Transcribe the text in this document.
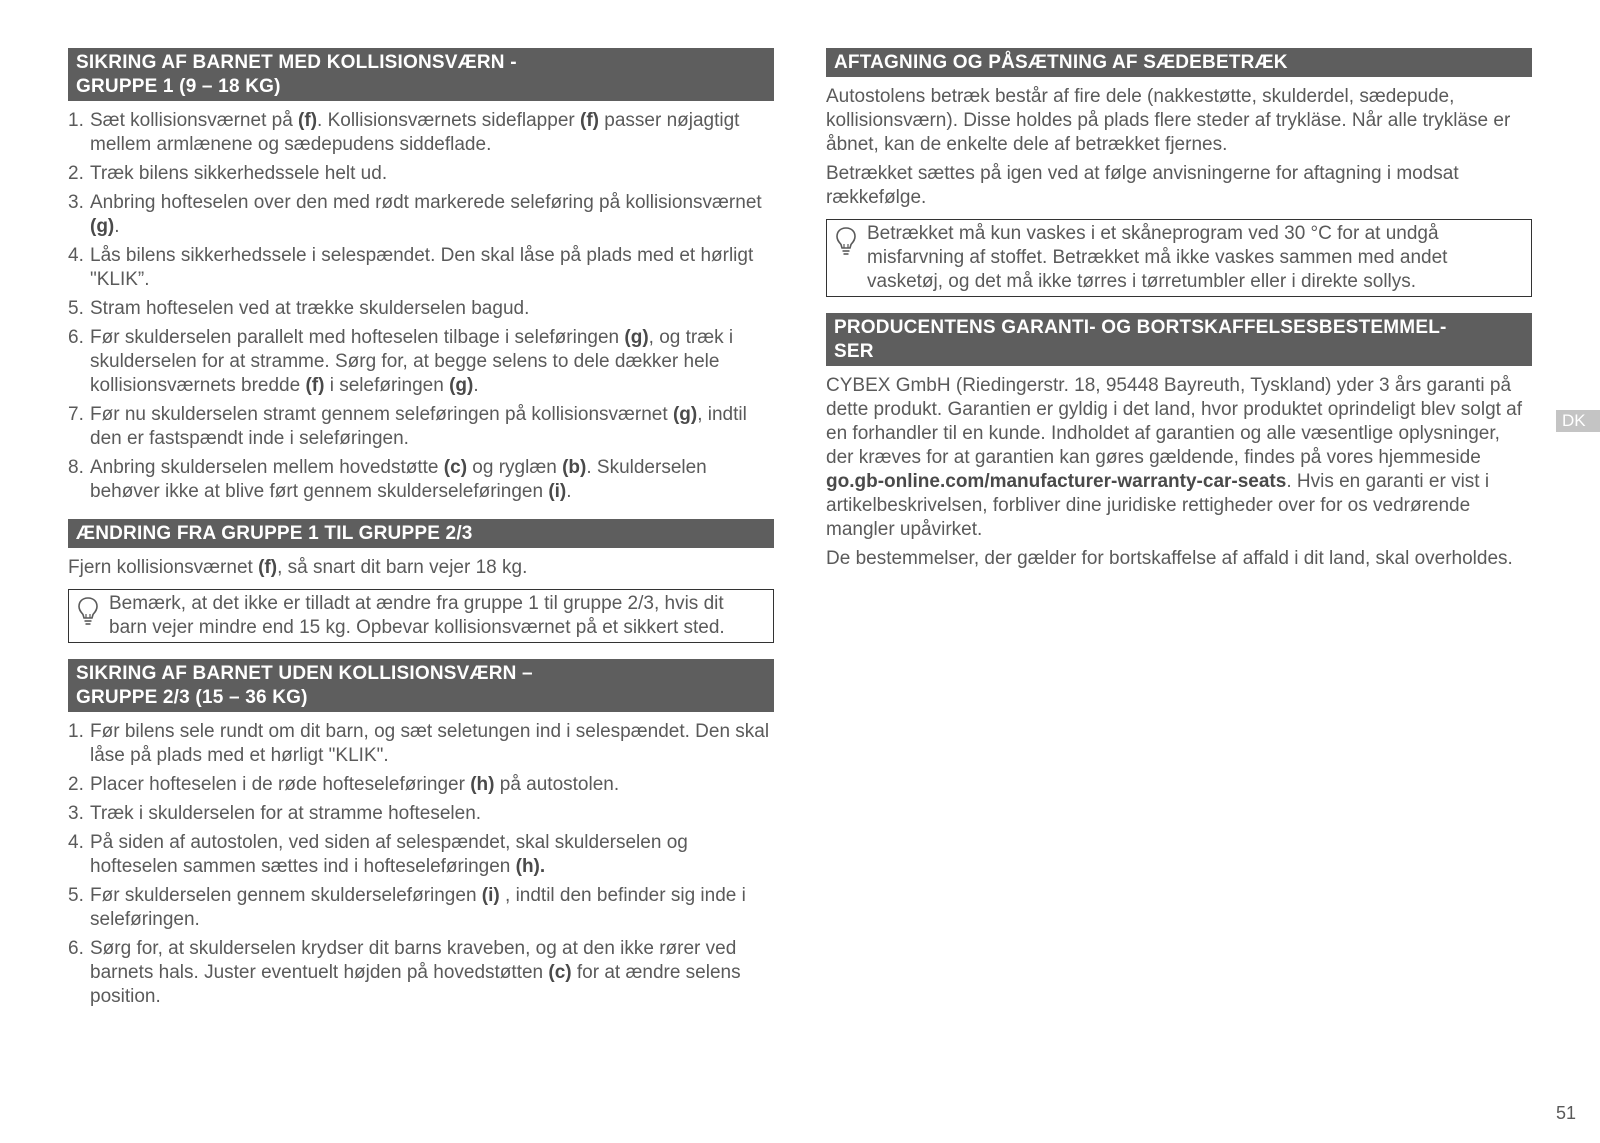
SIKRING AF BARNET MED KOLLISIONSVÆRN -
GRUPPE 1 (9 – 18 KG)
1. Sæt kollisionsværnet på (f). Kollisionsværnets sideflapper (f) passer nøjagtigt mellem armlænene og sædepudens siddeflade.
2. Træk bilens sikkerhedssele helt ud.
3. Anbring hofteselen over den med rødt markerede seleføring på kollisionsværnet (g).
4. Lås bilens sikkerhedssele i selespændet. Den skal låse på plads med et hørligt "KLIK”.
5. Stram hofteselen ved at trække skulderselen bagud.
6. Før skulderselen parallelt med hofteselen tilbage i seleføringen (g), og træk i skulderselen for at stramme. Sørg for, at begge selens to dele dækker hele kollisionsværnets bredde (f) i seleføringen (g).
7. Før nu skulderselen stramt gennem seleføringen på kollisionsværnet (g), indtil den er fastspændt inde i seleføringen.
8. Anbring skulderselen mellem hovedstøtte (c) og ryglæn (b). Skulderselen behøver ikke at blive ført gennem skulderseleføringen (i).
ÆNDRING FRA GRUPPE 1 TIL GRUPPE 2/3

Fjern kollisionsværnet (f), så snart dit barn vejer 18 kg.

Bemærk, at det ikke er tilladt at ændre fra gruppe 1 til gruppe 2/3, hvis dit barn vejer mindre end 15 kg. Opbevar kollisionsværnet på et sikkert sted.
SIKRING AF BARNET UDEN KOLLISIONSVÆRN –
GRUPPE 2/3 (15 – 36 KG)
1. Før bilens sele rundt om dit barn, og sæt seletungen ind i selespændet. Den skal låse på plads med et hørligt "KLIK".
2. Placer hofteselen i de røde hofteseleføringer (h) på autostolen.
3. Træk i skulderselen for at stramme hofteselen.
4. På siden af autostolen, ved siden af selespændet, skal skulderselen og hofteselen sammen sættes ind i hofteseleføringen (h).
5. Før skulderselen gennem skulderseleføringen (i) , indtil den befinder sig inde i seleføringen.
6. Sørg for, at skulderselen krydser dit barns kraveben, og at den ikke rører ved barnets hals. Juster eventuelt højden på hovedstøtten (c) for at ændre selens position.
AFTAGNING OG PÅSÆTNING AF SÆDEBETRÆK

Autostolens betræk består af fire dele (nakkestøtte, skulderdel, sædepude, kollisionsværn). Disse holdes på plads flere steder af trykläse. Når alle trykläse er åbnet, kan de enkelte dele af betrækket fjernes.

Betrækket sættes på igen ved at følge anvisningerne for aftagning i modsat rækkefølge.

Betrækket må kun vaskes i et skåneprogram ved 30 °C for at undgå misfarvning af stoffet. Betrækket må ikke vaskes sammen med andet vasketøj, og det må ikke tørres i tørretumbler eller i direkte sollys.
PRODUCENTENS GARANTI- OG BORTSKAFFELSESBESTEMMEL-
SER

CYBEX GmbH (Riedingerstr. 18, 95448 Bayreuth, Tyskland) yder 3 års garanti på dette produkt. Garantien er gyldig i det land, hvor produktet oprindeligt blev solgt af en forhandler til en kunde. Indholdet af garantien og alle væsentlige oplysninger, der kræves for at garantien kan gøres gældende, findes på vores hjemmeside go.gb-online.com/manufacturer-warranty-car-seats. Hvis en garanti er vist i artikelbeskrivelsen, forbliver dine juridiske rettigheder over for os vedrørende mangler upåvirket.

De bestemmelser, der gælder for bortskaffelse af affald i dit land, skal overholdes.

DK
51
